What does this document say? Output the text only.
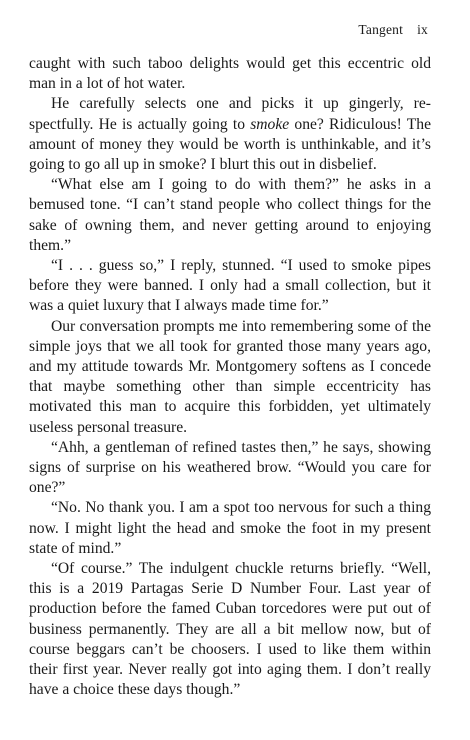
Tangent ix

caught with such taboo delights would get this eccentric old man in a lot of hot water.

He carefully selects one and picks it up gingerly, respectfully. He is actually going to smoke one? Ridiculous! The amount of money they would be worth is unthinkable, and it’s going to go all up in smoke? I blurt this out in disbelief.

“What else am I going to do with them?” he asks in a bemused tone. “I can’t stand people who collect things for the sake of owning them, and never getting around to enjoying them.”

“I . . . guess so,” I reply, stunned. “I used to smoke pipes before they were banned. I only had a small collection, but it was a quiet luxury that I always made time for.”

Our conversation prompts me into remembering some of the simple joys that we all took for granted those many years ago, and my attitude towards Mr. Montgomery softens as I concede that maybe something other than simple eccentricity has motivated this man to acquire this forbidden, yet ultimately useless personal treasure.

“Ahh, a gentleman of refined tastes then,” he says, showing signs of surprise on his weathered brow. “Would you care for one?”

“No. No thank you. I am a spot too nervous for such a thing now. I might light the head and smoke the foot in my present state of mind.”

“Of course.” The indulgent chuckle returns briefly. “Well, this is a 2019 Partagas Serie D Number Four. Last year of production before the famed Cuban torcedores were put out of business permanently. They are all a bit mellow now, but of course beggars can’t be choosers. I used to like them within their first year. Never really got into aging them. I don’t really have a choice these days though.”
